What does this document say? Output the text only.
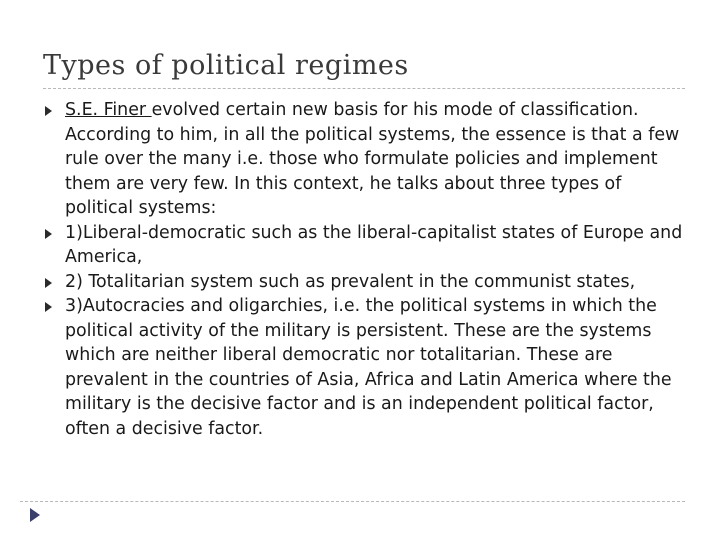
Types of political regimes
S.E. Finer evolved certain new basis for his mode of classification. According to him, in all the political systems, the essence is that a few rule over the many i.e. those who formulate policies and implement them are very few. In this context, he talks about three types of political systems:
1)Liberal-democratic such as the liberal-capitalist states of Europe and America,
2) Totalitarian system such as prevalent in the communist states,
3)Autocracies and oligarchies, i.e. the political systems in which the political activity of the military is persistent. These are the systems which are neither liberal democratic nor totalitarian. These are prevalent in the countries of Asia, Africa and Latin America where the military is the decisive factor and is an independent political factor, often a decisive factor.
